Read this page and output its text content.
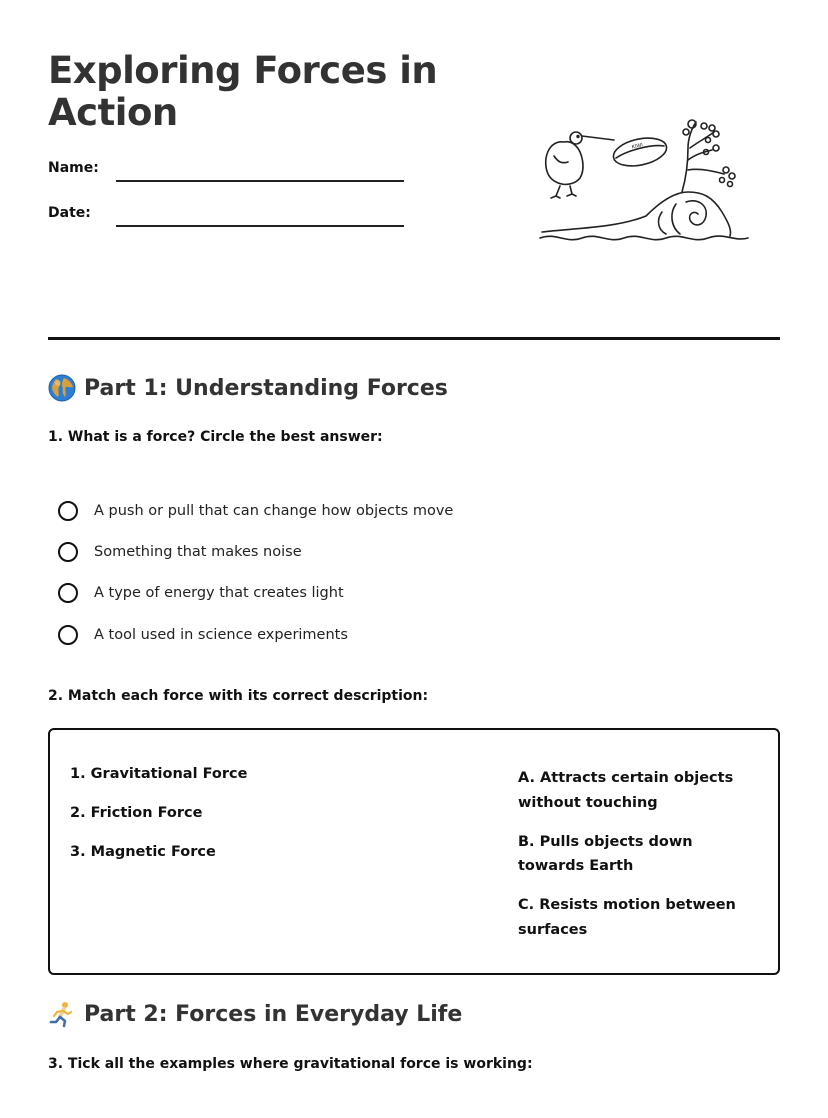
Exploring Forces in Action
Name:
Date:
KIWI
Part 1: Understanding Forces

1. What is a force? Circle the best answer:

A push or pull that can change how objects move
Something that makes noise
A type of energy that creates light
A tool used in science experiments

2. Match each force with its correct description:

1. Gravitational Force
2. Friction Force
3. Magnetic Force
A. Attracts certain objects without touching
B. Pulls objects down towards Earth
C. Resists motion between surfaces
Part 2: Forces in Everyday Life

3. Tick all the examples where gravitational force is working:
